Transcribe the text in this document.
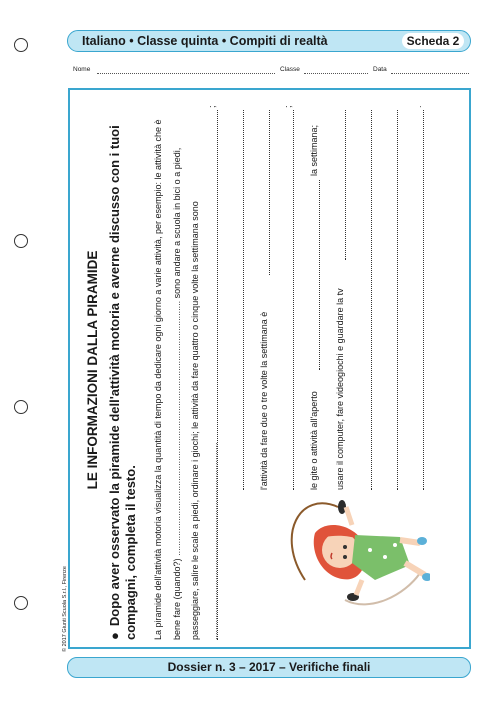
Italiano • Classe quinta • Compiti di realtà	Scheda 2
Nome	Classe	Data
LE INFORMAZIONI DALLA PIRAMIDE
●Dopo aver osservato la piramide dell'attività motoria e averne discusso con i tuoi compagni, completa il testo.	La piramide dell'attività motoria visualizza la quantità di tempo da dedicare ogni giorno a varie attività, per esempio: le attività che è bene fare (quando?) ...................................................................................................... sono andare a scuola in bici o a piedi, passeggiare, salire le scale a piedi, ordinare i giochi; le attività da fare quattro o cinque volte la settimana sono ...............................................................................
;
l'attività da fare due o tre volte la settimana è
;
le gite o attività all'aperto
la settimana;
usare il computer, fare videogiochi e guardare la tv
.
© 2017 Giunti Scuola S.r.l., Firenze
Dossier n. 3 – 2017 – Verifiche finali
